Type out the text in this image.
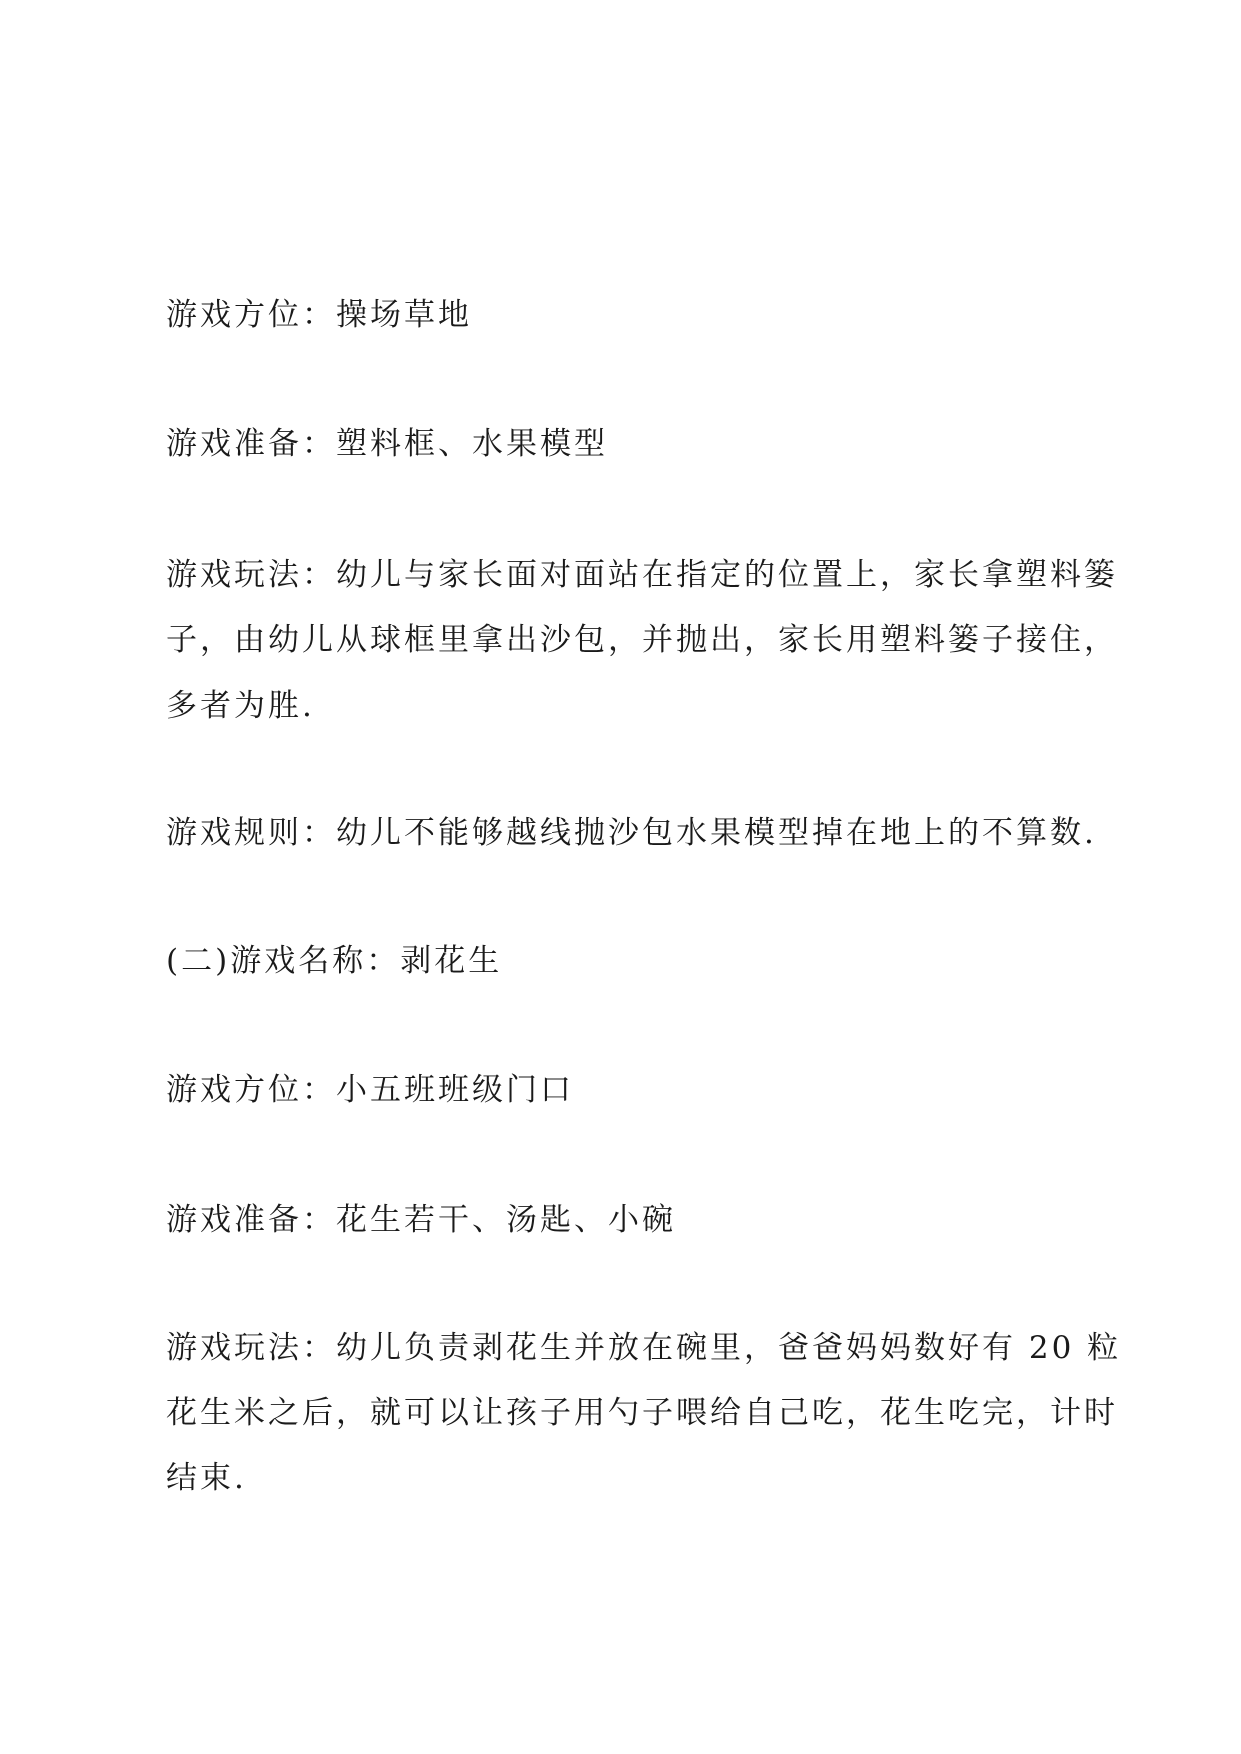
游戏方位：操场草地
游戏准备：塑料框、水果模型
游戏玩法：幼儿与家长面对面站在指定的位置上，家长拿塑料篓
子，由幼儿从球框里拿出沙包，并抛出，家长用塑料篓子接住，
多者为胜.
游戏规则：幼儿不能够越线抛沙包水果模型掉在地上的不算数.
(二)游戏名称：剥花生
游戏方位：小五班班级门口
游戏准备：花生若干、汤匙、小碗
游戏玩法：幼儿负责剥花生并放在碗里，爸爸妈妈数好有 20 粒
花生米之后，就可以让孩子用勺子喂给自己吃，花生吃完，计时
结束.
